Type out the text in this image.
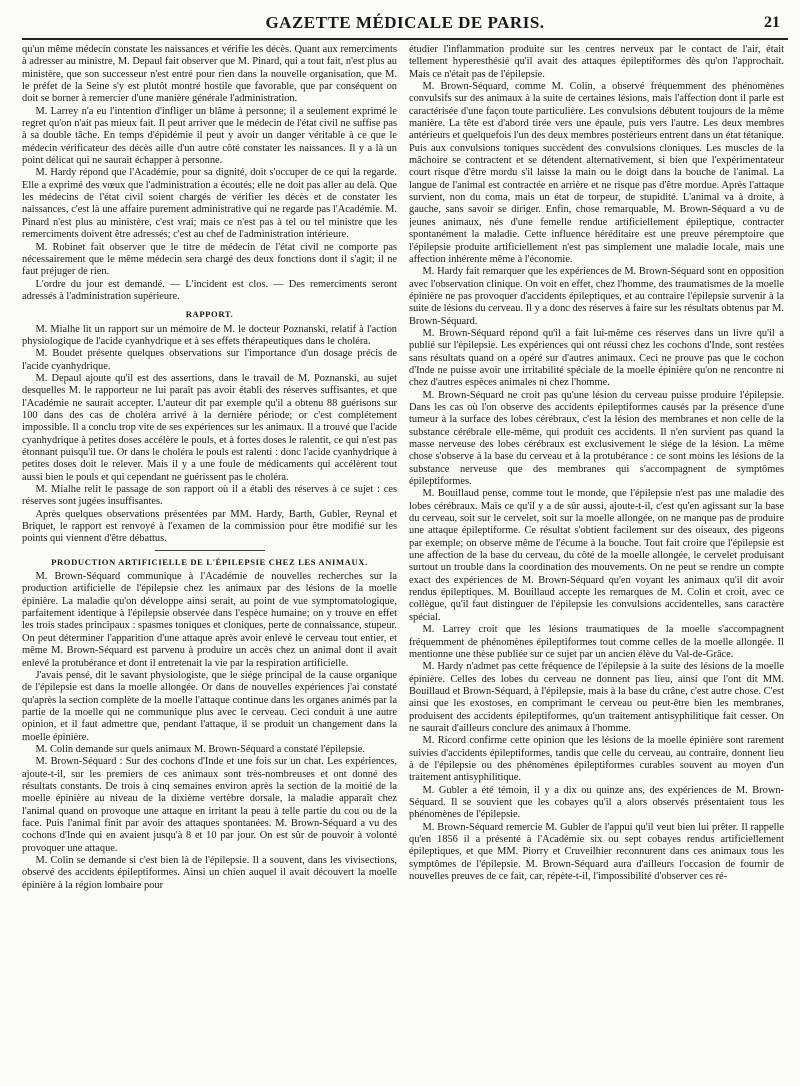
GAZETTE MÉDICALE DE PARIS.	21

qu'un même médecin constate les naissances et vérifie les décès. Quant aux remerciments à adresser au ministre, M. Depaul fait observer que M. Pinard, qui a tout fait, n'est plus au ministère, que son successeur n'est entré pour rien dans la nouvelle organisation, que M. le préfet de la Seine s'y est plutôt montré hostile que favorable, que par conséquent on doit se borner à remercier d'une manière générale l'administration.

M. Larrey n'a eu l'intention d'infliger un blâme à personne; il a seulement exprimé le regret qu'on n'ait pas mieux fait. Il peut arriver que le médecin de l'état civil ne suffise pas à sa double tâche. En temps d'épidémie il peut y avoir un danger véritable à ce que le médecin vérificateur des décès aille d'un autre côté constater les naissances. Il y a là un point délicat qui ne saurait échapper à personne.

M. Hardy répond que l'Académie, pour sa dignité, doit s'occuper de ce qui la regarde. Elle a exprimé des vœux que l'administration a écoutés; elle ne doit pas aller au delà. Que les médecins de l'état civil soient chargés de vérifier les décès et de constater les naissances, c'est là une affaire purement administrative qui ne regarde pas l'Académie. M. Pinard n'est plus au ministère, c'est vrai; mais ce n'est pas à tel ou tel ministre que les remerciments doivent être adressés; c'est au chef de l'administration intérieure.

M. Robinet fait observer que le titre de médecin de l'état civil ne comporte pas nécessairement que le même médecin sera chargé des deux fonctions dont il s'agit; il ne faut préjuger de rien.

L'ordre du jour est demandé. — L'incident est clos. — Des remerciments seront adressés à l'administration supérieure.

RAPPORT.

M. Mialhe lit un rapport sur un mémoire de M. le docteur Poznanski, relatif à l'action physiologique de l'acide cyanhydrique et à ses effets thérapeutiques dans le choléra.

M. Boudet présente quelques observations sur l'importance d'un dosage précis de l'acide cyanhydrique.

M. Depaul ajoute qu'il est des assertions, dans le travail de M. Poznanski, au sujet desquelles M. le rapporteur ne lui paraît pas avoir établi des réserves suffisantes, et que l'Académie ne saurait accepter. L'auteur dit par exemple qu'il a obtenu 88 guérisons sur 100 dans des cas de choléra arrivé à la dernière période; or c'est complétement impossible. Il a conclu trop vite de ses expériences sur les animaux. Il a trouvé que l'acide cyanhydrique à petites doses accélère le pouls, et à fortes doses le ralentit, ce qui n'est pas étonnant puisqu'il tue. Or dans le choléra le pouls est ralenti : donc l'acide cyanhydrique à petites doses doit le relever. Mais il y a une foule de médicaments qui accélèrent tout aussi bien le pouls et qui cependant ne guérissent pas le choléra.

M. Mialhe relit le passage de son rapport où il a établi des réserves à ce sujet : ces réserves sont jugées insuffisantes.

Après quelques observations présentées par MM. Hardy, Barth, Gubler, Reynal et Briquet, le rapport est renvoyé à l'examen de la commission pour être modifié sur les points qui viennent d'être débattus.

PRODUCTION ARTIFICIELLE DE L'ÉPILEPSIE CHEZ LES ANIMAUX.

M. Brown-Séquard communique à l'Académie de nouvelles recherches sur la production artificielle de l'épilepsie chez les animaux par des lésions de la moelle épinière. La maladie qu'on développe ainsi serait, au point de vue symptomatologique, parfaitement identique à l'épilepsie observée dans l'espèce humaine; on y trouve en effet les trois stades principaux : spasmes toniques et cloniques, perte de connaissance, stupeur. On peut déterminer l'apparition d'une attaque après avoir enlevé le cerveau tout entier, et même M. Brown-Séquard est parvenu à produire un accès chez un animal dont il avait enlevé la protubérance et dont il entretenait la vie par la respiration artificielle.

J'avais pensé, dit le savant physiologiste, que le siége principal de la cause organique de l'épilepsie est dans la moelle allongée. Or dans de nouvelles expériences j'ai constaté qu'après la section complète de la moelle l'attaque continue dans les organes animés par la partie de la moelle qui ne communique plus avec le cerveau. Ceci conduit à une autre opinion, et il faut admettre que, pendant l'attaque, il se produit un changement dans la moelle épinière.

M. Colin demande sur quels animaux M. Brown-Séquard a constaté l'épilepsie.

M. Brown-Séquard : Sur des cochons d'Inde et une fois sur un chat. Les expériences, ajoute-t-il, sur les premiers de ces animaux sont très-nombreuses et ont donné des résultats constants. De trois à cinq semaines environ après la section de la moitié de la moelle épinière au niveau de la dixième vertèbre dorsale, la maladie apparaît chez l'animal quand on provoque une attaque en irritant la peau à telle partie du cou ou de la face. Puis l'animal finit par avoir des attaques spontanées. M. Brown-Séquard a vu des cochons d'Inde qui en avaient jusqu'à 8 et 10 par jour. On est sûr de pouvoir à volonté provoquer une attaque.

M. Colin se demande si c'est bien là de l'épilepsie. Il a souvent, dans les vivisections, observé des accidents épileptiformes. Ainsi un chien auquel il avait découvert la moelle épinière à la région lombaire pour

étudier l'inflammation produite sur les centres nerveux par le contact de l'air, était tellement hyperesthésié qu'il avait des attaques épileptiformes dès qu'on l'approchait. Mais ce n'était pas de l'épilepsie.

M. Brown-Séquard, comme M. Colin, a observé fréquemment des phénomènes convulsifs sur des animaux à la suite de certaines lésions, mais l'affection dont il parle est caractérisée d'une façon toute particulière. Les convulsions débutent toujours de la même manière. La tête est d'abord tirée vers une épaule, puis vers l'autre. Les deux membres antérieurs et quelquefois l'un des deux membres postérieurs entrent dans un état tétanique. Puis aux convulsions toniques succèdent des convulsions cloniques. Les muscles de la mâchoire se contractent et se détendent alternativement, si bien que l'expérimentateur court risque d'être mordu s'il laisse la main ou le doigt dans la bouche de l'animal. La langue de l'animal est contractée en arrière et ne risque pas d'être mordue. Après l'attaque survient, non du coma, mais un état de torpeur, de stupidité. L'animal va à droite, à gauche, sans savoir se diriger. Enfin, chose remarquable, M. Brown-Séquard a vu de jeunes animaux, nés d'une femelle rendue artificiellement épileptique, contracter spontanément la maladie. Cette influence héréditaire est une preuve péremptoire que l'épilepsie produite artificiellement n'est pas simplement une maladie locale, mais une affection inhérente même à l'économie.

M. Hardy fait remarquer que les expériences de M. Brown-Séquard sont en opposition avec l'observation clinique. On voit en effet, chez l'homme, des traumatismes de la moelle épinière ne pas provoquer d'accidents épileptiques, et au contraire l'épilepsie survenir à la suite de lésions du cerveau. Il y a donc des réserves à faire sur les résultats obtenus par M. Brown-Séquard.

M. Brown-Séquard répond qu'il a fait lui-même ces réserves dans un livre qu'il a publié sur l'épilepsie. Les expériences qui ont réussi chez les cochons d'Inde, sont restées sans résultats quand on a opéré sur d'autres animaux. Ceci ne prouve pas que le cochon d'Inde ne puisse avoir une irritabilité spéciale de la moelle épinière qu'on ne rencontre ni chez d'autres espèces animales ni chez l'homme.

M. Brown-Séquard ne croit pas qu'une lésion du cerveau puisse produire l'épilepsie. Dans les cas où l'on observe des accidents épileptiformes causés par la présence d'une tumeur à la surface des lobes cérébraux, c'est la lésion des membranes et non celle de la substance cérébrale elle-même, qui produit ces accidents. Il n'en survient pas quand la masse nerveuse des lobes cérébraux est exclusivement le siége de la lésion. La même chose s'observe à la base du cerveau et à la protubérance : ce sont moins les lésions de la substance nerveuse que des membranes qui s'accompagnent de symptômes épileptiformes.

M. Bouillaud pense, comme tout le monde, que l'épilepsie n'est pas une maladie des lobes cérébraux. Mais ce qu'il y a de sûr aussi, ajoute-t-il, c'est qu'en agissant sur la base du cerveau, soit sur le cervelet, soit sur la moelle allongée, on ne manque pas de produire une attaque épileptiforme. Ce résultat s'obtient facilement sur des oiseaux, des pigeons par exemple; on observe même de l'écume à la bouche. Tout fait croire que l'épilepsie est une affection de la base du cerveau, du côté de la moelle allongée, le cervelet produisant surtout un trouble dans la coordination des mouvements. On ne peut se rendre un compte exact des expériences de M. Brown-Séquard qu'en voyant les animaux qu'il dit avoir rendus épileptiques. M. Bouillaud accepte les remarques de M. Colin et croit, avec ce collègue, qu'il faut distinguer de l'épilepsie les convulsions accidentelles, sans caractère spécial.

M. Larrey croit que les lésions traumatiques de la moelle s'accompagnent fréquemment de phénomènes épileptiformes tout comme celles de la moelle allongée. Il mentionne une thèse publiée sur ce sujet par un ancien élève du Val-de-Grâce.

M. Hardy n'admet pas cette fréquence de l'épilepsie à la suite des lésions de la moelle épinière. Celles des lobes du cerveau ne donnent pas lieu, ainsi que l'ont dit MM. Bouillaud et Brown-Séquard, à l'épilepsie, mais à la base du crâne, c'est autre chose. C'est ainsi que les exostoses, en comprimant le cerveau ou peut-être bien les membranes, produisent des accidents épileptiformes, qu'un traitement antisyphilitique fait cesser. On ne saurait d'ailleurs conclure des animaux à l'homme.

M. Ricord confirme cette opinion que les lésions de la moelle épinière sont rarement suivies d'accidents épileptiformes, tandis que celle du cerveau, au contraire, donnent lieu à de l'épilepsie ou des phénomènes épileptiformes curables souvent au moyen d'un traitement antisyphilitique.

M. Gubler a été témoin, il y a dix ou quinze ans, des expériences de M. Brown-Séquard. Il se souvient que les cobayes qu'il a alors observés présentaient tous les phénomènes de l'épilepsie.

M. Brown-Séquard remercie M. Gubler de l'appui qu'il veut bien lui prêter. Il rappelle qu'en 1856 il a présenté à l'Académie six ou sept cobayes rendus artificiellement épileptiques, et que MM. Piorry et Cruveilhier reconnurent dans ces animaux tous les symptômes de l'épilepsie. M. Brown-Séquard aura d'ailleurs l'occasion de fournir de nouvelles preuves de ce fait, car, répète-t-il, l'impossibilité d'observer ces ré-
